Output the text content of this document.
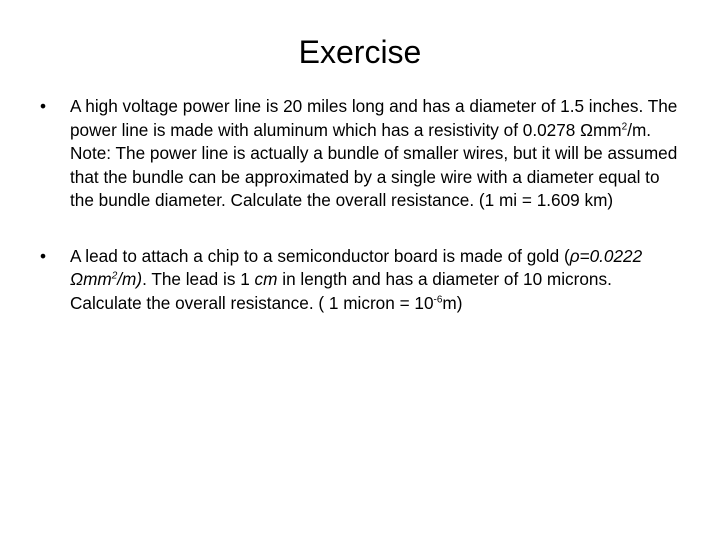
Exercise
•	A high voltage power line is 20 miles long and has a diameter of 1.5 inches. The power line is made with aluminum which has a resistivity of 0.0278 Ωmm$^2$/m. Note: The power line is actually a bundle of smaller wires, but it will be assumed that the bundle can be approximated by a single wire with a diameter equal to the bundle diameter. Calculate the overall resistance. (1 mi = 1.609 km)
•	A lead to attach a chip to a semiconductor board is made of gold (ρ=0.0222 Ωmm$^2$/m). The lead is 1 cm in length and has a diameter of 10 microns. Calculate the overall resistance. ( 1 micron = $10^{-6}m$)
